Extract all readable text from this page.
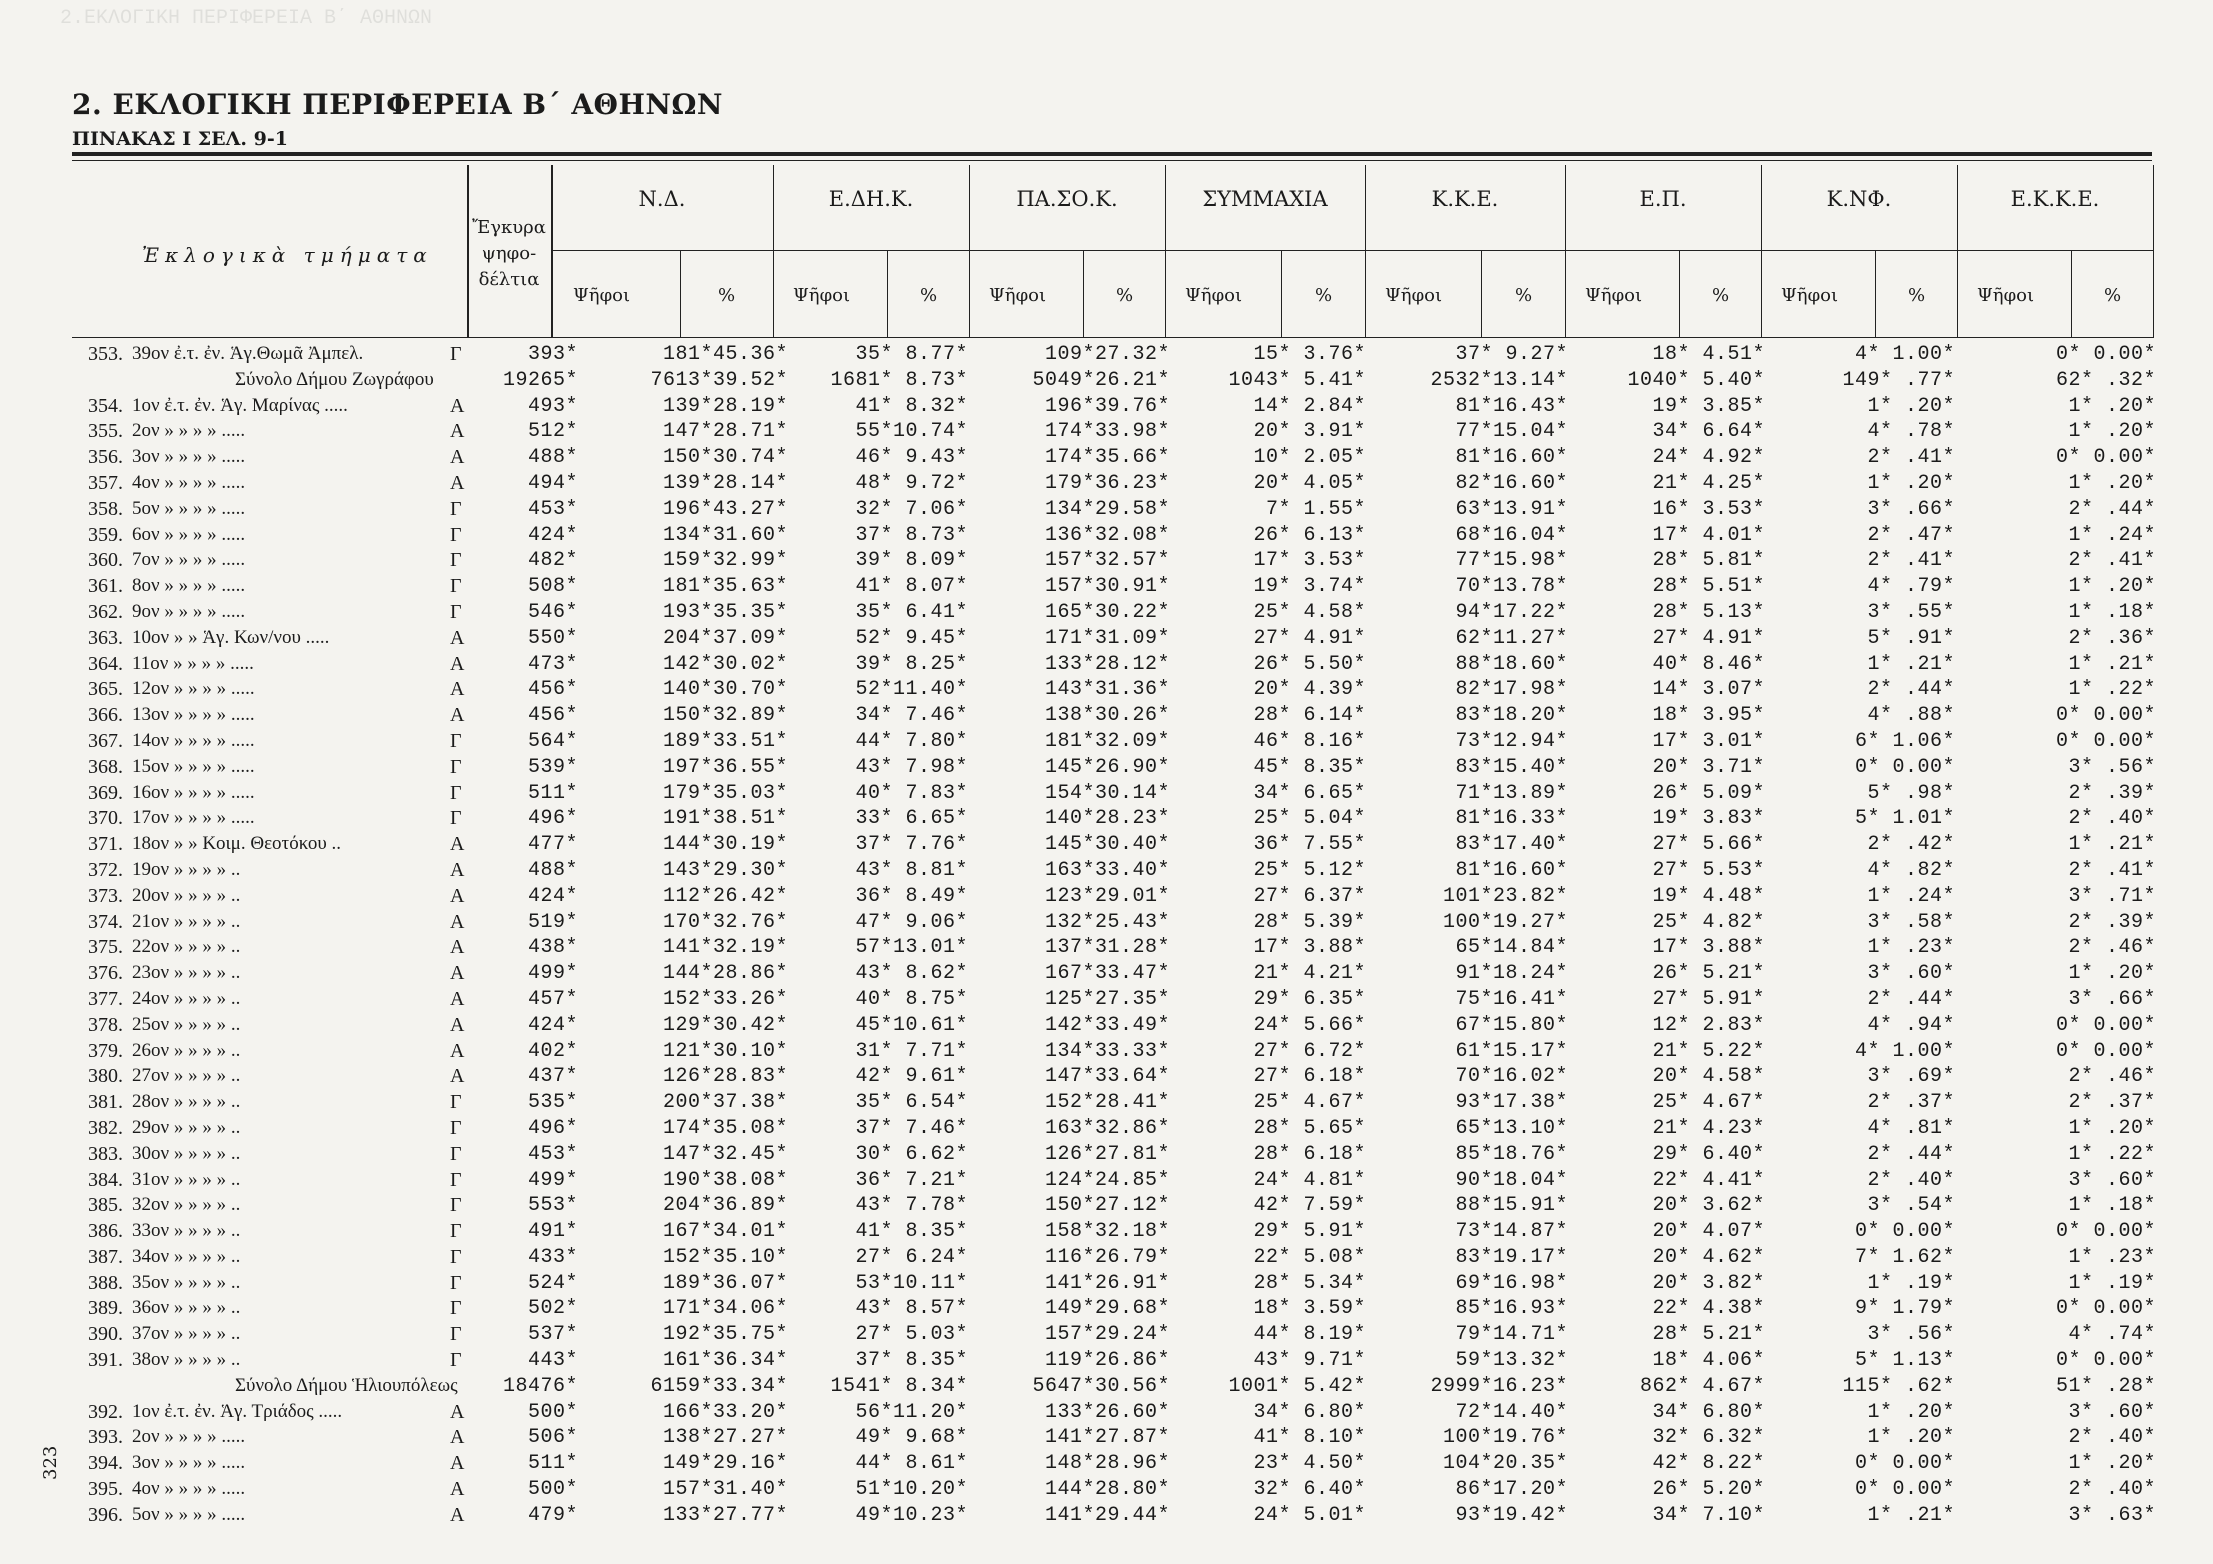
2.ΕΚΛΟΓΙΚΗ ΠΕΡΙΦΕΡΕΙΑ Β΄ ΑΘΗΝΩΝ
2. ΕΚΛΟΓΙΚΗ ΠΕΡΙΦΕΡΕΙΑ Β΄ ΑΘΗΝΩΝ
ΠΙΝΑΚΑΣ Ι ΣΕΛ. 9-1
Ἐκλογικὰ τμήματα
Ἔγκυρα
ψηφο-
δέλτια
Ν.Δ.
Ψῆφοι	%
Ε.ΔΗ.Κ.
Ψῆφοι	%
ΠΑ.ΣΟ.Κ.
Ψῆφοι	%
ΣΥΜΜΑΧΙΑ
Ψῆφοι	%
Κ.Κ.Ε.
Ψῆφοι	%
Ε.Π.
Ψῆφοι	%
Κ.ΝΦ.
Ψῆφοι	%
Ε.Κ.Κ.Ε.
Ψῆφοι	%
353. 39ον ἐ.τ. ἐν. Ἁγ.Θωμᾶ Ἀμπελ.	Γ	393*	181*45.36*	35* 8.77*	109*27.32*	15* 3.76*	37* 9.27*	18* 4.51*	4* 1.00*	0* 0.00*
Σύνολο Δήμου Ζωγράφου	19265*	7613*39.52*	1681* 8.73*	5049*26.21*	1043* 5.41*	2532*13.14*	1040* 5.40*	149* .77*	62* .32*
354. 1ον ἐ.τ. ἐν. Ἁγ. Μαρίνας .....	Α	493*	139*28.19*	41* 8.32*	196*39.76*	14* 2.84*	81*16.43*	19* 3.85*	1* .20*	1* .20*
355. 2ον » » » » .....	Α	512*	147*28.71*	55*10.74*	174*33.98*	20* 3.91*	77*15.04*	34* 6.64*	4* .78*	1* .20*
356. 3ον » » » » .....	Α	488*	150*30.74*	46* 9.43*	174*35.66*	10* 2.05*	81*16.60*	24* 4.92*	2* .41*	0* 0.00*
357. 4ον » » » » .....	Α	494*	139*28.14*	48* 9.72*	179*36.23*	20* 4.05*	82*16.60*	21* 4.25*	1* .20*	1* .20*
358. 5ον » » » » .....	Γ	453*	196*43.27*	32* 7.06*	134*29.58*	7* 1.55*	63*13.91*	16* 3.53*	3* .66*	2* .44*
359. 6ον » » » » .....	Γ	424*	134*31.60*	37* 8.73*	136*32.08*	26* 6.13*	68*16.04*	17* 4.01*	2* .47*	1* .24*
360. 7ον » » » » .....	Γ	482*	159*32.99*	39* 8.09*	157*32.57*	17* 3.53*	77*15.98*	28* 5.81*	2* .41*	2* .41*
361. 8ον » » » » .....	Γ	508*	181*35.63*	41* 8.07*	157*30.91*	19* 3.74*	70*13.78*	28* 5.51*	4* .79*	1* .20*
362. 9ον » » » » .....	Γ	546*	193*35.35*	35* 6.41*	165*30.22*	25* 4.58*	94*17.22*	28* 5.13*	3* .55*	1* .18*
363. 10ον » » Ἁγ. Κων/νου .....	Α	550*	204*37.09*	52* 9.45*	171*31.09*	27* 4.91*	62*11.27*	27* 4.91*	5* .91*	2* .36*
364. 11ον » » » » .....	Α	473*	142*30.02*	39* 8.25*	133*28.12*	26* 5.50*	88*18.60*	40* 8.46*	1* .21*	1* .21*
365. 12ον » » » » .....	Α	456*	140*30.70*	52*11.40*	143*31.36*	20* 4.39*	82*17.98*	14* 3.07*	2* .44*	1* .22*
366. 13ον » » » » .....	Α	456*	150*32.89*	34* 7.46*	138*30.26*	28* 6.14*	83*18.20*	18* 3.95*	4* .88*	0* 0.00*
367. 14ον » » » » .....	Γ	564*	189*33.51*	44* 7.80*	181*32.09*	46* 8.16*	73*12.94*	17* 3.01*	6* 1.06*	0* 0.00*
368. 15ον » » » » .....	Γ	539*	197*36.55*	43* 7.98*	145*26.90*	45* 8.35*	83*15.40*	20* 3.71*	0* 0.00*	3* .56*
369. 16ον » » » » .....	Γ	511*	179*35.03*	40* 7.83*	154*30.14*	34* 6.65*	71*13.89*	26* 5.09*	5* .98*	2* .39*
370. 17ον » » » » .....	Γ	496*	191*38.51*	33* 6.65*	140*28.23*	25* 5.04*	81*16.33*	19* 3.83*	5* 1.01*	2* .40*
371. 18ον » » Κοιμ. Θεοτόκου ..	Α	477*	144*30.19*	37* 7.76*	145*30.40*	36* 7.55*	83*17.40*	27* 5.66*	2* .42*	1* .21*
372. 19ον » » » » ..	Α	488*	143*29.30*	43* 8.81*	163*33.40*	25* 5.12*	81*16.60*	27* 5.53*	4* .82*	2* .41*
373. 20ον » » » » ..	Α	424*	112*26.42*	36* 8.49*	123*29.01*	27* 6.37*	101*23.82*	19* 4.48*	1* .24*	3* .71*
374. 21ον » » » » ..	Α	519*	170*32.76*	47* 9.06*	132*25.43*	28* 5.39*	100*19.27*	25* 4.82*	3* .58*	2* .39*
375. 22ον » » » » ..	Α	438*	141*32.19*	57*13.01*	137*31.28*	17* 3.88*	65*14.84*	17* 3.88*	1* .23*	2* .46*
376. 23ον » » » » ..	Α	499*	144*28.86*	43* 8.62*	167*33.47*	21* 4.21*	91*18.24*	26* 5.21*	3* .60*	1* .20*
377. 24ον » » » » ..	Α	457*	152*33.26*	40* 8.75*	125*27.35*	29* 6.35*	75*16.41*	27* 5.91*	2* .44*	3* .66*
378. 25ον » » » » ..	Α	424*	129*30.42*	45*10.61*	142*33.49*	24* 5.66*	67*15.80*	12* 2.83*	4* .94*	0* 0.00*
379. 26ον » » » » ..	Α	402*	121*30.10*	31* 7.71*	134*33.33*	27* 6.72*	61*15.17*	21* 5.22*	4* 1.00*	0* 0.00*
380. 27ον » » » » ..	Α	437*	126*28.83*	42* 9.61*	147*33.64*	27* 6.18*	70*16.02*	20* 4.58*	3* .69*	2* .46*
381. 28ον » » » » ..	Γ	535*	200*37.38*	35* 6.54*	152*28.41*	25* 4.67*	93*17.38*	25* 4.67*	2* .37*	2* .37*
382. 29ον » » » » ..	Γ	496*	174*35.08*	37* 7.46*	163*32.86*	28* 5.65*	65*13.10*	21* 4.23*	4* .81*	1* .20*
383. 30ον » » » » ..	Γ	453*	147*32.45*	30* 6.62*	126*27.81*	28* 6.18*	85*18.76*	29* 6.40*	2* .44*	1* .22*
384. 31ον » » » » ..	Γ	499*	190*38.08*	36* 7.21*	124*24.85*	24* 4.81*	90*18.04*	22* 4.41*	2* .40*	3* .60*
385. 32ον » » » » ..	Γ	553*	204*36.89*	43* 7.78*	150*27.12*	42* 7.59*	88*15.91*	20* 3.62*	3* .54*	1* .18*
386. 33ον » » » » ..	Γ	491*	167*34.01*	41* 8.35*	158*32.18*	29* 5.91*	73*14.87*	20* 4.07*	0* 0.00*	0* 0.00*
387. 34ον » » » » ..	Γ	433*	152*35.10*	27* 6.24*	116*26.79*	22* 5.08*	83*19.17*	20* 4.62*	7* 1.62*	1* .23*
388. 35ον » » » » ..	Γ	524*	189*36.07*	53*10.11*	141*26.91*	28* 5.34*	69*16.98*	20* 3.82*	1* .19*	1* .19*
389. 36ον » » » » ..	Γ	502*	171*34.06*	43* 8.57*	149*29.68*	18* 3.59*	85*16.93*	22* 4.38*	9* 1.79*	0* 0.00*
390. 37ον » » » » ..	Γ	537*	192*35.75*	27* 5.03*	157*29.24*	44* 8.19*	79*14.71*	28* 5.21*	3* .56*	4* .74*
391. 38ον » » » » ..	Γ	443*	161*36.34*	37* 8.35*	119*26.86*	43* 9.71*	59*13.32*	18* 4.06*	5* 1.13*	0* 0.00*
Σύνολο Δήμου Ἡλιουπόλεως	18476*	6159*33.34*	1541* 8.34*	5647*30.56*	1001* 5.42*	2999*16.23*	862* 4.67*	115* .62*	51* .28*
392. 1ον ἐ.τ. ἐν. Ἁγ. Τριάδος .....	Α	500*	166*33.20*	56*11.20*	133*26.60*	34* 6.80*	72*14.40*	34* 6.80*	1* .20*	3* .60*
393. 2ον » » » » .....	Α	506*	138*27.27*	49* 9.68*	141*27.87*	41* 8.10*	100*19.76*	32* 6.32*	1* .20*	2* .40*
394. 3ον » » » » .....	Α	511*	149*29.16*	44* 8.61*	148*28.96*	23* 4.50*	104*20.35*	42* 8.22*	0* 0.00*	1* .20*
395. 4ον » » » » .....	Α	500*	157*31.40*	51*10.20*	144*28.80*	32* 6.40*	86*17.20*	26* 5.20*	0* 0.00*	2* .40*
396. 5ον » » » » .....	Α	479*	133*27.77*	49*10.23*	141*29.44*	24* 5.01*	93*19.42*	34* 7.10*	1* .21*	3* .63*
323
